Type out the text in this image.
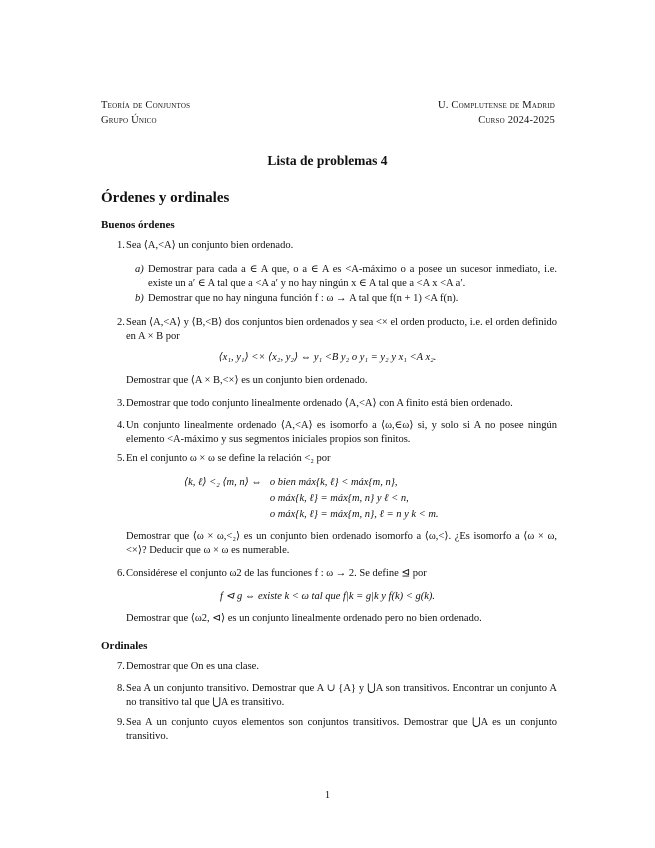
Teoría de Conjuntos
Grupo Único
U. Complutense de Madrid
Curso 2024-2025
Lista de problemas 4
Órdenes y ordinales
Buenos órdenes
1. Sea ⟨A,<A⟩ un conjunto bien ordenado.
a) Demostrar para cada a ∈ A que, o a ∈ A es <A-máximo o a posee un sucesor inmediato, i.e. existe un a′ ∈ A tal que a <A a′ y no hay ningún x ∈ A tal que a <A x <A a′.
b) Demostrar que no hay ninguna función f : ω → A tal que f(n + 1) <A f(n).
2. Sean ⟨A,<A⟩ y ⟨B,<B⟩ dos conjuntos bien ordenados y sea <× el orden producto, i.e. el orden definido en A × B por
⟨x₁, y₁⟩ <× ⟨x₂, y₂⟩ ⇔ y₁ <B y₂ o y₁ = y₂ y x₁ <A x₂.
Demostrar que ⟨A × B,<×⟩ es un conjunto bien ordenado.
3. Demostrar que todo conjunto linealmente ordenado ⟨A,<A⟩ con A finito está bien ordenado.
4. Un conjunto linealmente ordenado ⟨A,<A⟩ es isomorfo a ⟨ω,∈ω⟩ si, y solo si A no posee ningún elemento <A-máximo y sus segmentos iniciales propios son finitos.
5. En el conjunto ω × ω se define la relación <₂ por
⟨k, ℓ⟩ <₂ ⟨m, n⟩ ⇔	o bien máx{k, ℓ} < máx{m, n},
	o máx{k, ℓ} = máx{m, n} y ℓ < n,
	o máx{k, ℓ} = máx{m, n}, ℓ = n y k < m.
Demostrar que ⟨ω × ω,<₂⟩ es un conjunto bien ordenado isomorfo a ⟨ω,<⟩. ¿Es isomorfo a ⟨ω × ω,<×⟩? Deducir que ω × ω es numerable.
6. Considérese el conjunto ω2 de las funciones f : ω → 2. Se define ⊴ por
f ⊲ g ⇔ existe k < ω tal que f|k = g|k y f(k) < g(k).
Demostrar que ⟨ω2, ⊲⟩ es un conjunto linealmente ordenado pero no bien ordenado.
Ordinales
7. Demostrar que On es una clase.
8. Sea A un conjunto transitivo. Demostrar que A ∪ {A} y ⋃A son transitivos. Encontrar un conjunto A no transitivo tal que ⋃A es transitivo.
9. Sea A un conjunto cuyos elementos son conjuntos transitivos. Demostrar que ⋃A es un conjunto transitivo.
1
